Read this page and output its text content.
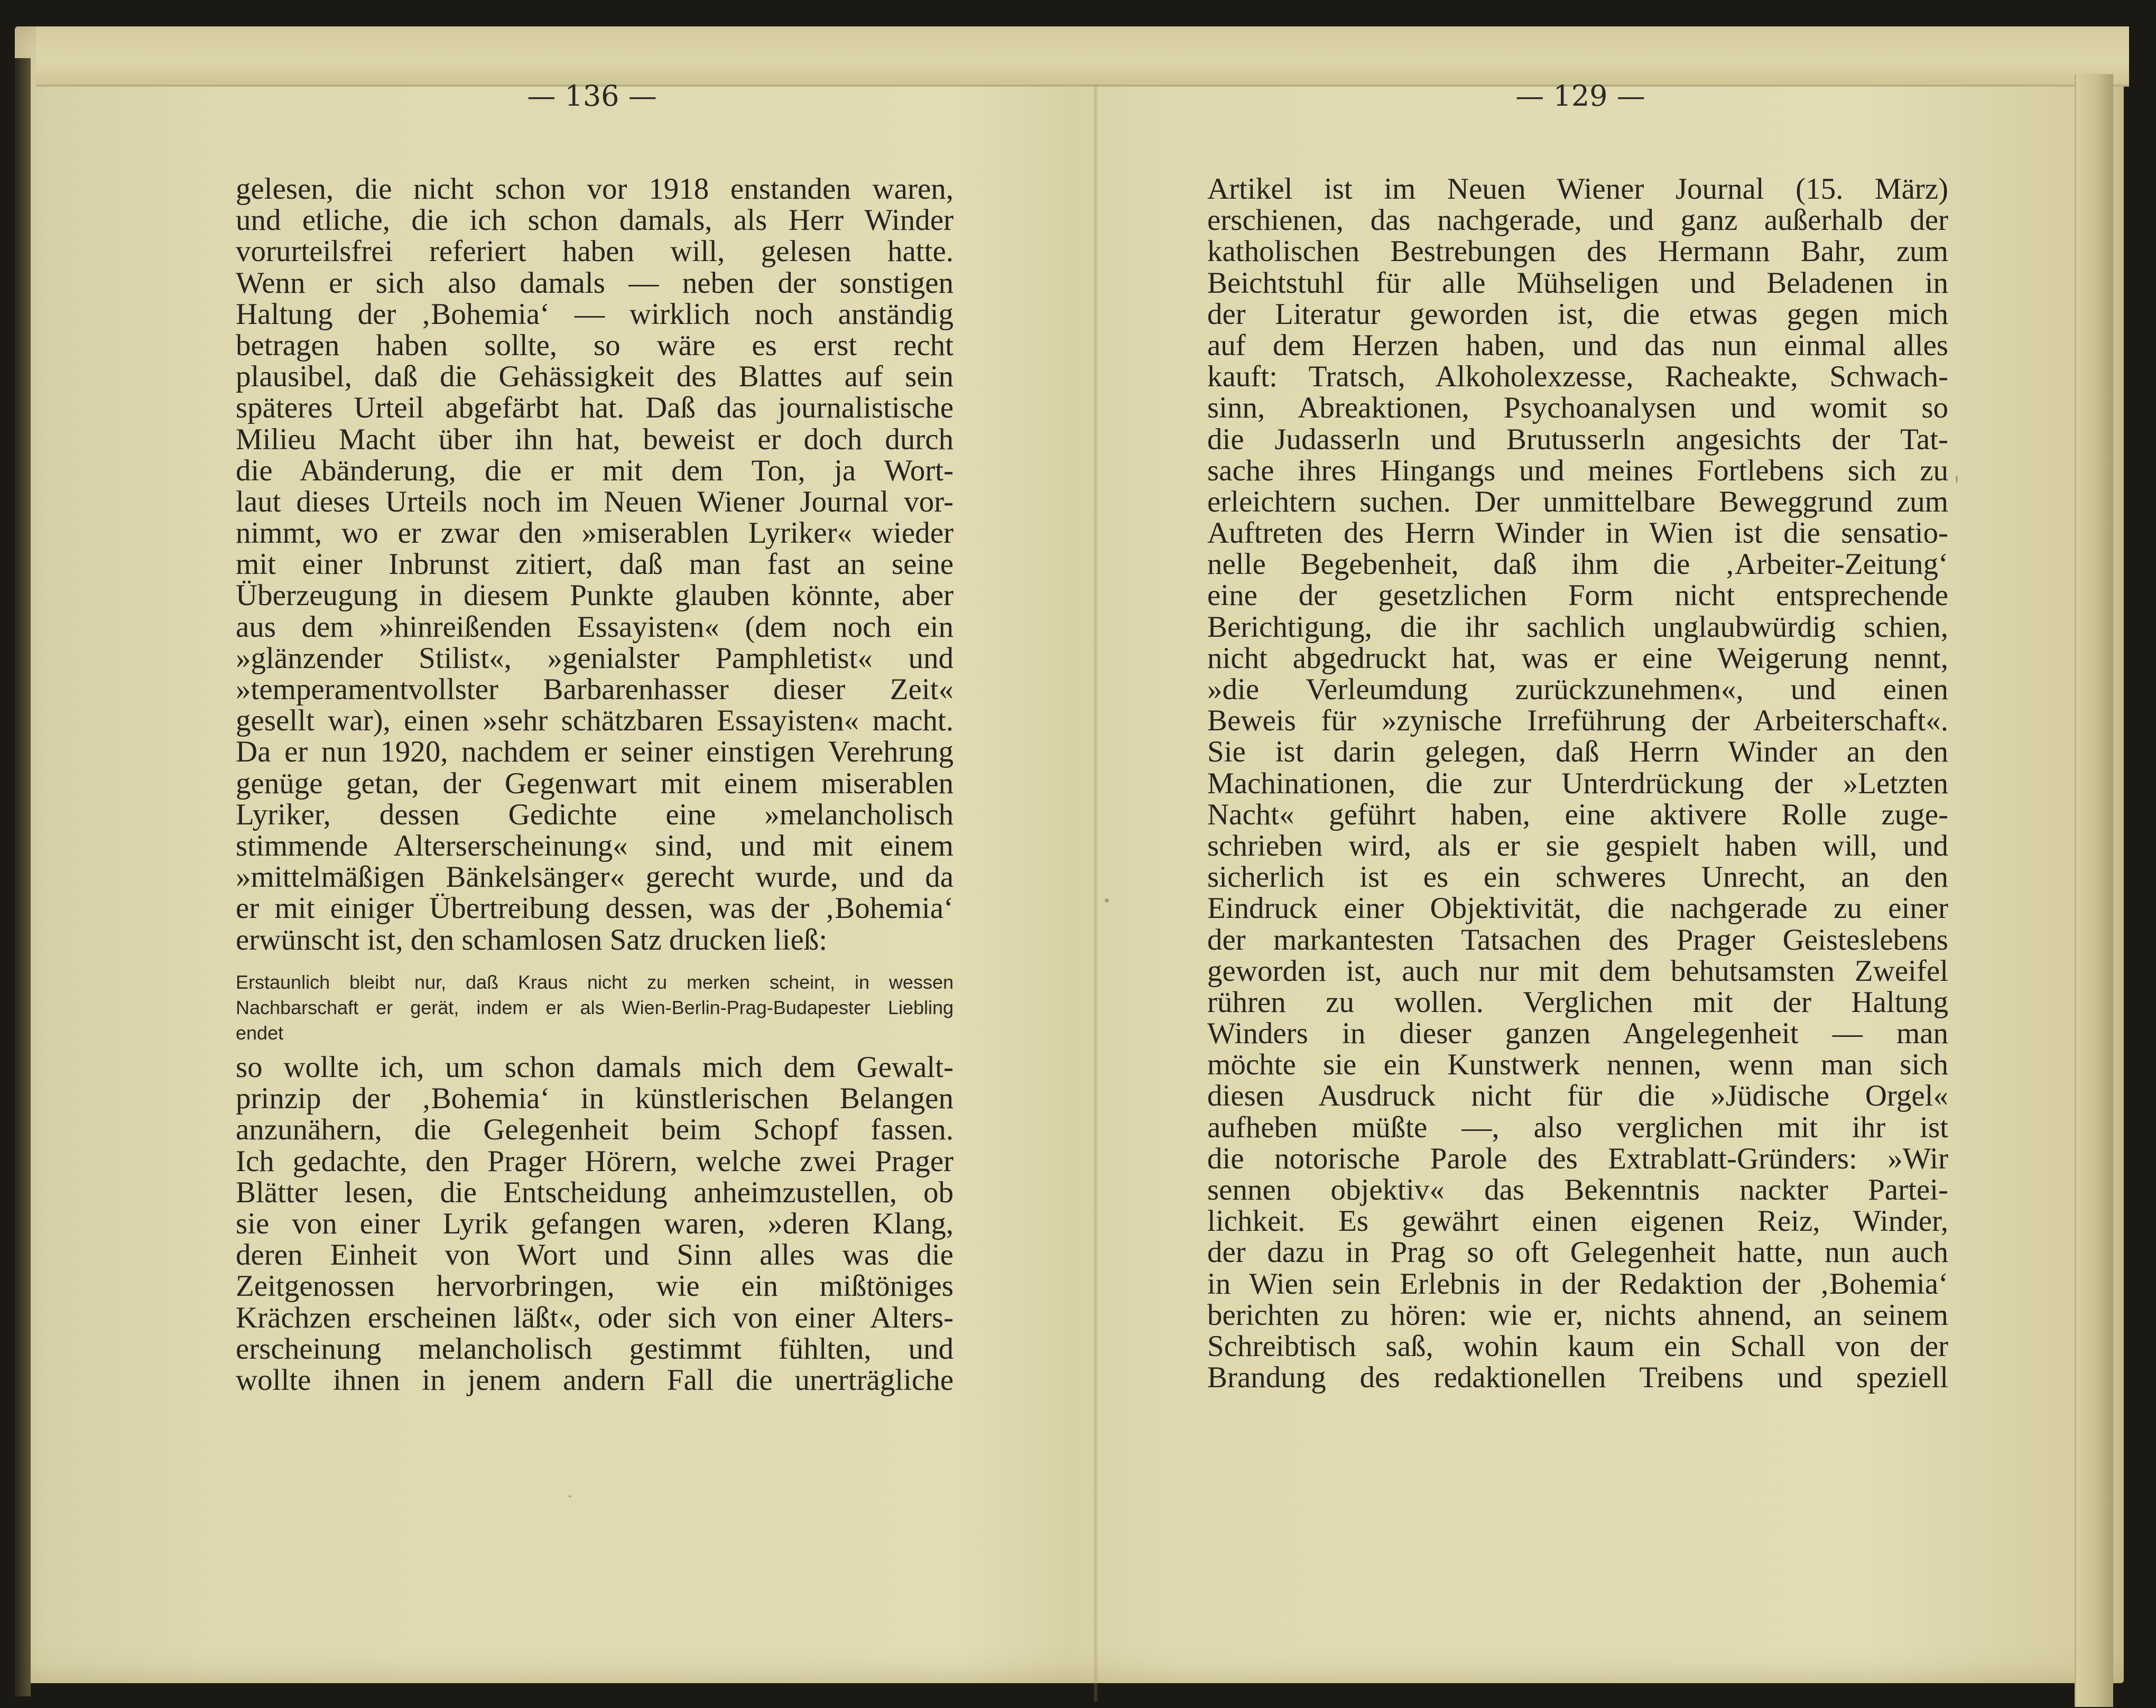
— 136 —
gelesen, die nicht schon vor 1918 enstanden waren,
und etliche, die ich schon damals, als Herr Winder
vorurteilsfrei referiert haben will, gelesen hatte.
Wenn er sich also damals — neben der sonstigen
Haltung der ‚Bohemia‘ — wirklich noch anständig
betragen haben sollte, so wäre es erst recht
plausibel, daß die Gehässigkeit des Blattes auf sein
späteres Urteil abgefärbt hat. Daß das journalistische
Milieu Macht über ihn hat, beweist er doch durch
die Abänderung, die er mit dem Ton, ja Wort-
laut dieses Urteils noch im Neuen Wiener Journal vor-
nimmt, wo er zwar den »miserablen Lyriker« wieder
mit einer Inbrunst zitiert, daß man fast an seine
Überzeugung in diesem Punkte glauben könnte, aber
aus dem »hinreißenden Essayisten« (dem noch ein
»glänzender Stilist«, »genialster Pamphletist« und
»temperamentvollster Barbarenhasser dieser Zeit«
gesellt war), einen »sehr schätzbaren Essayisten« macht.
Da er nun 1920, nachdem er seiner einstigen Verehrung
genüge getan, der Gegenwart mit einem miserablen
Lyriker, dessen Gedichte eine »melancholisch
stimmende Alterserscheinung« sind, und mit einem
»mittelmäßigen Bänkelsänger« gerecht wurde, und da
er mit einiger Übertreibung dessen, was der ‚Bohemia‘
erwünscht ist, den schamlosen Satz drucken ließ:
Erstaunlich bleibt nur, daß Kraus nicht zu merken scheint, in wessen
Nachbarschaft er gerät, indem er als Wien-Berlin-Prag-Budapester Liebling
endet
so wollte ich, um schon damals mich dem Gewalt-
prinzip der ‚Bohemia‘ in künstlerischen Belangen
anzunähern, die Gelegenheit beim Schopf fassen.
Ich gedachte, den Prager Hörern, welche zwei Prager
Blätter lesen, die Entscheidung anheimzustellen, ob
sie von einer Lyrik gefangen waren, »deren Klang,
deren Einheit von Wort und Sinn alles was die
Zeitgenossen hervorbringen, wie ein mißtöniges
Krächzen erscheinen läßt«, oder sich von einer Alters-
erscheinung melancholisch gestimmt fühlten, und
wollte ihnen in jenem andern Fall die unerträgliche
— 129 —
Artikel ist im Neuen Wiener Journal (15. März)
erschienen, das nachgerade, und ganz außerhalb der
katholischen Bestrebungen des Hermann Bahr, zum
Beichtstuhl für alle Mühseligen und Beladenen in
der Literatur geworden ist, die etwas gegen mich
auf dem Herzen haben, und das nun einmal alles
kauft: Tratsch, Alkoholexzesse, Racheakte, Schwach-
sinn, Abreaktionen, Psychoanalysen und womit so
die Judasserln und Brutusserln angesichts der Tat-
sache ihres Hingangs und meines Fortlebens sich zu
erleichtern suchen. Der unmittelbare Beweggrund zum
Auftreten des Herrn Winder in Wien ist die sensatio-
nelle Begebenheit, daß ihm die ‚Arbeiter-Zeitung‘
eine der gesetzlichen Form nicht entsprechende
Berichtigung, die ihr sachlich unglaubwürdig schien,
nicht abgedruckt hat, was er eine Weigerung nennt,
»die Verleumdung zurückzunehmen«, und einen
Beweis für »zynische Irreführung der Arbeiterschaft«.
Sie ist darin gelegen, daß Herrn Winder an den
Machinationen, die zur Unterdrückung der »Letzten
Nacht« geführt haben, eine aktivere Rolle zuge-
schrieben wird, als er sie gespielt haben will, und
sicherlich ist es ein schweres Unrecht, an den
Eindruck einer Objektivität, die nachgerade zu einer
der markantesten Tatsachen des Prager Geisteslebens
geworden ist, auch nur mit dem behutsamsten Zweifel
rühren zu wollen. Verglichen mit der Haltung
Winders in dieser ganzen Angelegenheit — man
möchte sie ein Kunstwerk nennen, wenn man sich
diesen Ausdruck nicht für die »Jüdische Orgel«
aufheben müßte —, also verglichen mit ihr ist
die notorische Parole des Extrablatt-Gründers: »Wir
sennen objektiv« das Bekenntnis nackter Partei-
lichkeit. Es gewährt einen eigenen Reiz, Winder,
der dazu in Prag so oft Gelegenheit hatte, nun auch
in Wien sein Erlebnis in der Redaktion der ‚Bohemia‘
berichten zu hören: wie er, nichts ahnend, an seinem
Schreibtisch saß, wohin kaum ein Schall von der
Brandung des redaktionellen Treibens und speziell
